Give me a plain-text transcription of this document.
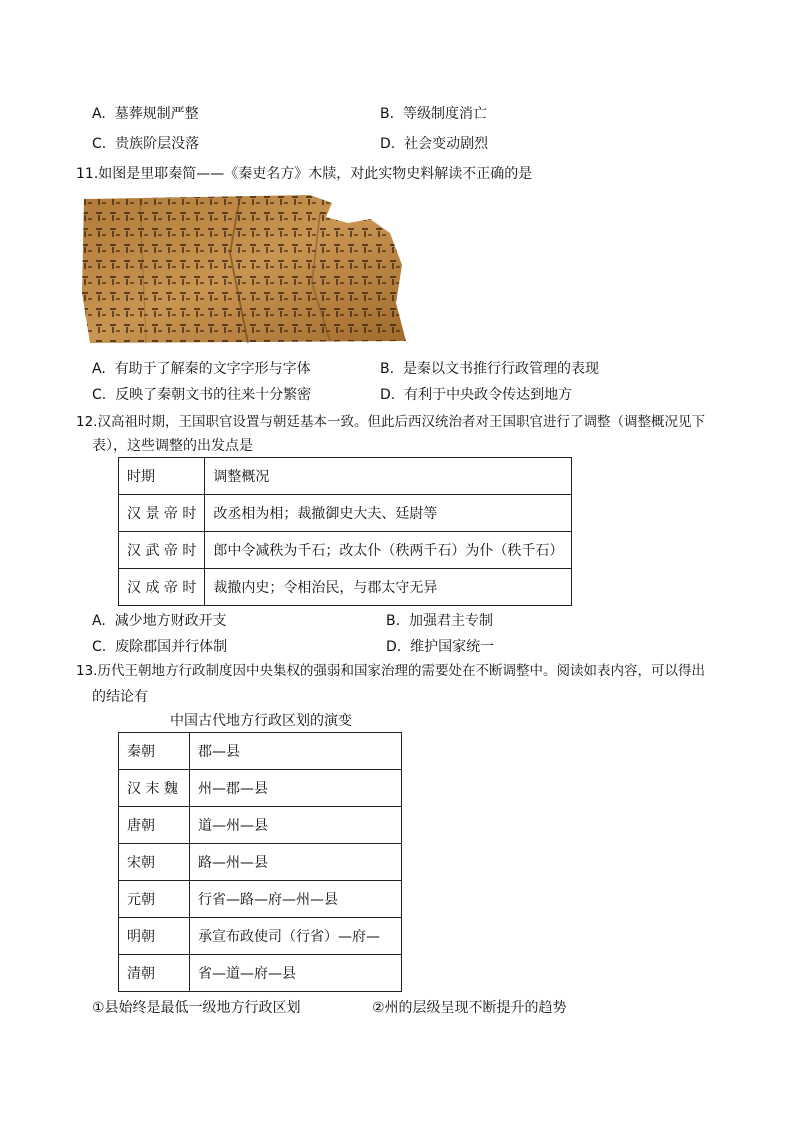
A. 墓葬规制严整	B. 等级制度消亡
C. 贵族阶层没落	D. 社会变动剧烈
11.如图是里耶秦简——《秦吏名方》木牍，对此实物史料解读不正确的是
A. 有助于了解秦的文字字形与字体	B. 是秦以文书推行行政管理的表现
C. 反映了秦朝文书的往来十分繁密	D. 有利于中央政令传达到地方
12.汉高祖时期，王国职官设置与朝廷基本一致。但此后西汉统治者对王国职官进行了调整（调整概况见下
表），这些调整的出发点是
时期	调整概况
汉 景 帝 时	改丞相为相；裁撤御史大夫、廷尉等
汉 武 帝 时	郎中令减秩为千石；改太仆（秩两千石）为仆（秩千石）
汉 成 帝 时	裁撤内史；令相治民，与郡太守无异
A. 减少地方财政开支	B. 加强君主专制
C. 废除郡国并行体制	D. 维护国家统一
13.历代王朝地方行政制度因中央集权的强弱和国家治理的需要处在不断调整中。阅读如表内容，可以得出
的结论有
中国古代地方行政区划的演变
秦朝	郡—县
汉 末 魏	州—郡—县
唐朝	道—州—县
宋朝	路—州—县
元朝	行省—路—府—州—县
明朝	承宣布政使司（行省）—府—
清朝	省—道—府—县
①县始终是最低一级地方行政区划	②州的层级呈现不断提升的趋势
